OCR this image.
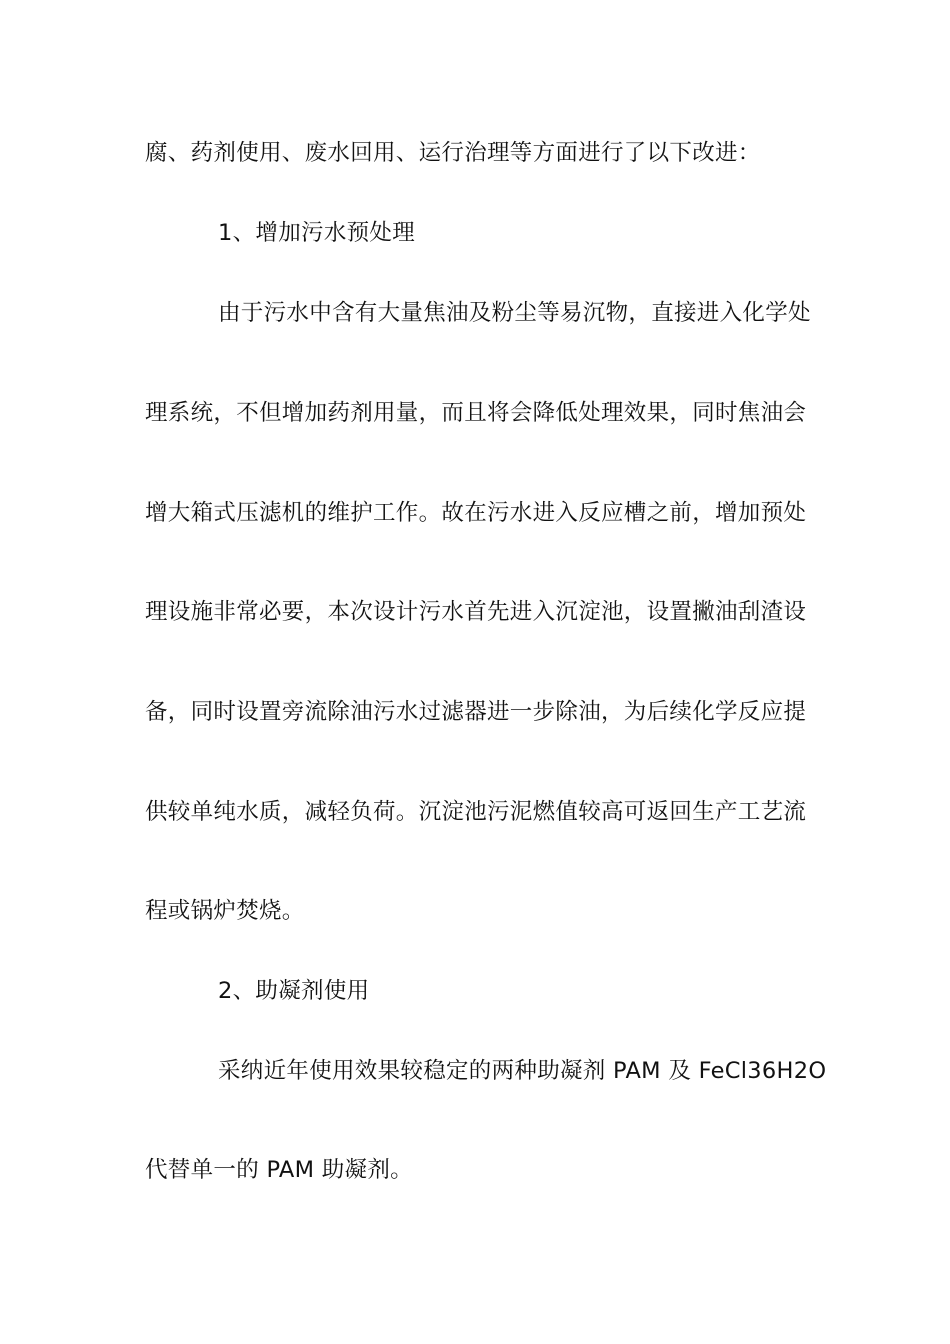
腐、药剂使用、废水回用、运行治理等方面进行了以下改进：
1、增加污水预处理
由于污水中含有大量焦油及粉尘等易沉物，直接进入化学处
理系统，不但增加药剂用量，而且将会降低处理效果，同时焦油会
增大箱式压滤机的维护工作。故在污水进入反应槽之前，增加预处
理设施非常必要，本次设计污水首先进入沉淀池，设置撇油刮渣设
备，同时设置旁流除油污水过滤器进一步除油，为后续化学反应提
供较单纯水质，减轻负荷。沉淀池污泥燃值较高可返回生产工艺流
程或锅炉焚烧。
2、助凝剂使用
采纳近年使用效果较稳定的两种助凝剂 PAM 及 FeCl36H2O
代替单一的 PAM 助凝剂。
